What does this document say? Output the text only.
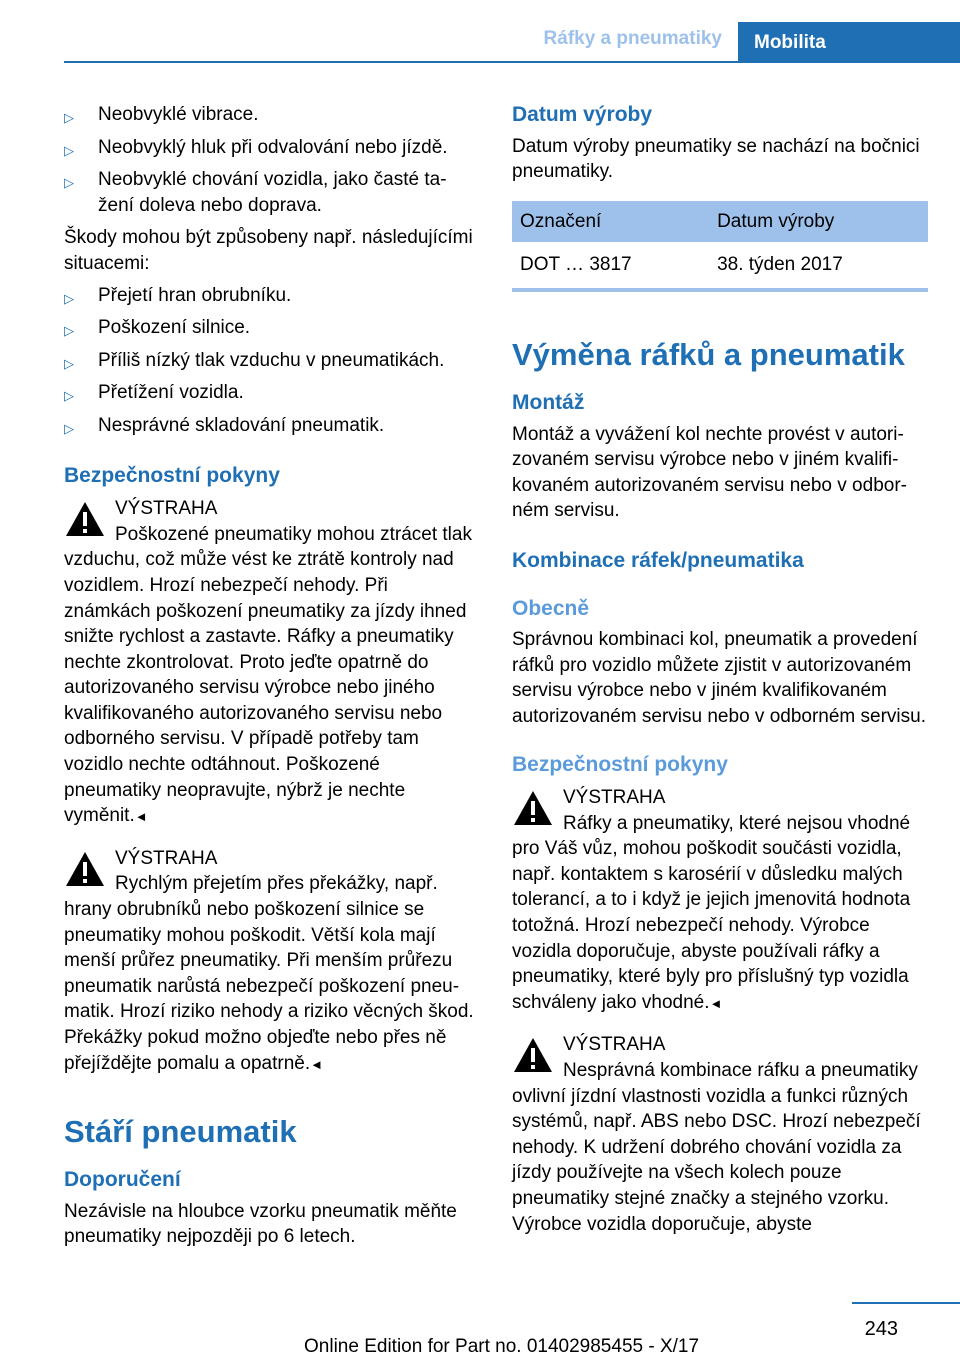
Ráfky a pneumatiky	Mobilita
▷ Neobvyklé vibrace.
▷ Neobvyklý hluk při odvalování nebo jízdě.
▷ Neobvyklé chování vozidla, jako časté tažení doleva nebo doprava.

Škody mohou být způsobeny např. následujícími situacemi:

▷ Přejetí hran obrubníku.
▷ Poškození silnice.
▷ Příliš nízký tlak vzduchu v pneumatikách.
▷ Přetížení vozidla.
▷ Nesprávné skladování pneumatik.
Bezpečnostní pokyny
VÝSTRAHA
Poškozené pneumatiky mohou ztrácet tlak vzduchu, což může vést ke ztrátě kontroly nad vozidlem. Hrozí nebezpečí nehody. Při známkách poškození pneumatiky za jízdy ihned snižte rychlost a zastavte. Ráfky a pneumatiky nechte zkontrolovat. Proto jeďte opatrně do autorizovaného servisu výrobce nebo jiného kvalifikovaného autorizovaného servisu nebo odborného servisu. V případě potřeby tam vozidlo nechte odtáhnout. Poškozené pneumatiky neopravujte, nýbrž je nechte vyměnit.◄
VÝSTRAHA
Rychlým přejetím přes překážky, např. hrany obrubníků nebo poškození silnice se pneumatiky mohou poškodit. Větší kola mají menší průřez pneumatiky. Při menším průřezu pneumatik narůstá nebezpečí poškození pneumatik. Hrozí riziko nehody a riziko věcných škod. Překážky pokud možno objeďte nebo přes ně přejíždějte pomalu a opatrně.◄
Stáří pneumatik
Doporučení

Nezávisle na hloubce vzorku pneumatik měňte pneumatiky nejpozději po 6 letech.

Datum výroby

Datum výroby pneumatiky se nachází na bočnici pneumatiky.

Označení	Datum výroby
DOT … 3817	38. týden 2017
Výměna ráfků a pneumatik
Montáž

Montáž a vyvážení kol nechte provést v autorizovaném servisu výrobce nebo v jiném kvalifikovaném autorizovaném servisu nebo v odborném servisu.

Kombinace ráfek/pneumatika
Obecně

Správnou kombinaci kol, pneumatik a provedení ráfků pro vozidlo můžete zjistit v autorizovaném servisu výrobce nebo v jiném kvalifikovaném autorizovaném servisu nebo v odborném servisu.

Bezpečnostní pokyny
VÝSTRAHA
Ráfky a pneumatiky, které nejsou vhodné pro Váš vůz, mohou poškodit součásti vozidla, např. kontaktem s karosérií v důsledku malých tolerancí, a to i když je jejich jmenovitá hodnota totožná. Hrozí nebezpečí nehody. Výrobce vozidla doporučuje, abyste používali ráfky a pneumatiky, které byly pro příslušný typ vozidla schváleny jako vhodné.◄
VÝSTRAHA
Nesprávná kombinace ráfku a pneumatiky ovlivní jízdní vlastnosti vozidla a funkci různých systémů, např. ABS nebo DSC. Hrozí nebezpečí nehody. K udržení dobrého chování vozidla za jízdy používejte na všech kolech pouze pneumatiky stejné značky a stejného vzorku. Výrobce vozidla doporučuje, abyste
243
Online Edition for Part no. 01402985455 - X/17
